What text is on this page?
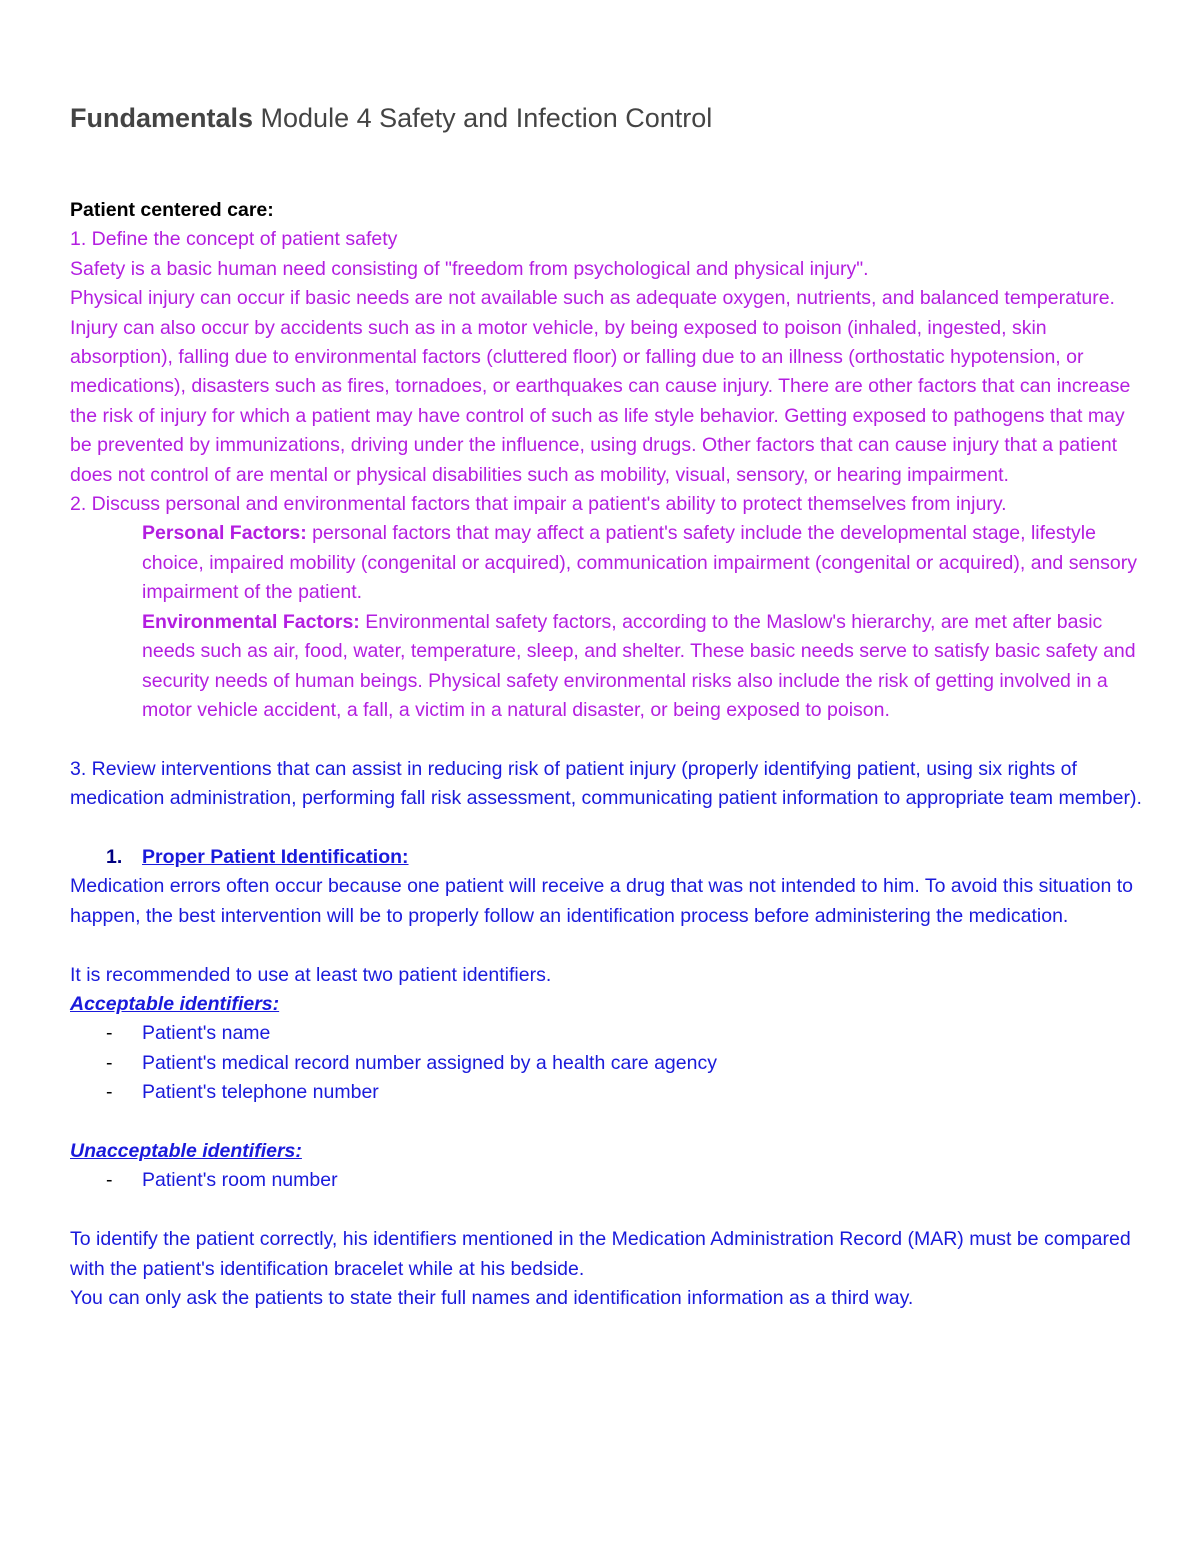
Fundamentals Module 4 Safety and Infection Control

Patient centered care:

1. Define the concept of patient safety

Safety is a basic human need consisting of "freedom from psychological and physical injury".

Physical injury can occur if basic needs are not available such as adequate oxygen, nutrients, and balanced temperature. Injury can also occur by accidents such as in a motor vehicle, by being exposed to poison (inhaled, ingested, skin absorption), falling due to environmental factors (cluttered floor) or falling due to an illness (orthostatic hypotension, or medications), disasters such as fires, tornadoes, or earthquakes can cause injury. There are other factors that can increase the risk of injury for which a patient may have control of such as life style behavior. Getting exposed to pathogens that may be prevented by immunizations, driving under the influence, using drugs. Other factors that can cause injury that a patient does not control of are mental or physical disabilities such as mobility, visual, sensory, or hearing impairment.

2. Discuss personal and environmental factors that impair a patient's ability to protect themselves from injury.

Personal Factors: personal factors that may affect a patient's safety include the developmental stage, lifestyle choice, impaired mobility (congenital or acquired), communication impairment (congenital or acquired), and sensory impairment of the patient.

Environmental Factors: Environmental safety factors, according to the Maslow's hierarchy, are met after basic needs such as air, food, water, temperature, sleep, and shelter. These basic needs serve to satisfy basic safety and security needs of human beings. Physical safety environmental risks also include the risk of getting involved in a motor vehicle accident, a fall, a victim in a natural disaster, or being exposed to poison.

3. Review interventions that can assist in reducing risk of patient injury (properly identifying patient, using six rights of medication administration, performing fall risk assessment, communicating patient information to appropriate team member).

1.	Proper Patient Identification:

Medication errors often occur because one patient will receive a drug that was not intended to him. To avoid this situation to happen, the best intervention will be to properly follow an identification process before administering the medication.

It is recommended to use at least two patient identifiers.

Acceptable identifiers:

-	Patient's name
-	Patient's medical record number assigned by a health care agency
-	Patient's telephone number

Unacceptable identifiers:

-	Patient's room number

To identify the patient correctly, his identifiers mentioned in the Medication Administration Record (MAR) must be compared with the patient's identification bracelet while at his bedside.

You can only ask the patients to state their full names and identification information as a third way.
